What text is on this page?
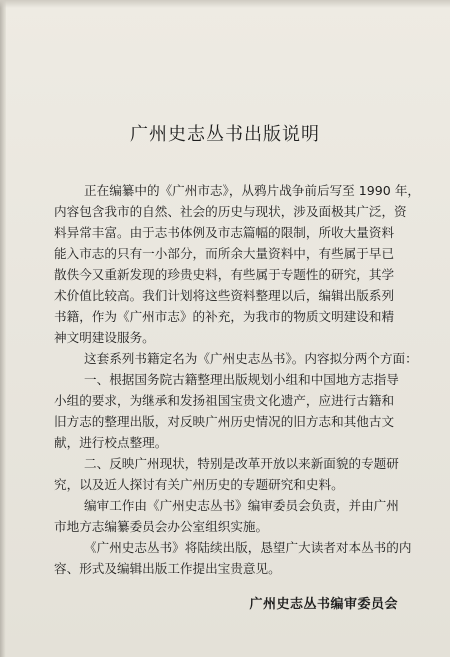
广州史志丛书出版说明
正在编纂中的《广州市志》，从鸦片战争前后写至 1990 年，
内容包含我市的自然、社会的历史与现状，涉及面极其广泛，资
料异常丰富。由于志书体例及市志篇幅的限制，所收大量资料
能入市志的只有一小部分，而所余大量资料中，有些属于早已
散佚今又重新发现的珍贵史料，有些属于专题性的研究，其学
术价值比较高。我们计划将这些资料整理以后，编辑出版系列
书籍，作为《广州市志》的补充，为我市的物质文明建设和精
神文明建设服务。
这套系列书籍定名为《广州史志丛书》。内容拟分两个方面：
一、根据国务院古籍整理出版规划小组和中国地方志指导
小组的要求，为继承和发扬祖国宝贵文化遗产，应进行古籍和
旧方志的整理出版，对反映广州历史情况的旧方志和其他古文
献，进行校点整理。
二、反映广州现状，特别是改革开放以来新面貌的专题研
究，以及近人探讨有关广州历史的专题研究和史料。
编审工作由《广州史志丛书》编审委员会负责，并由广州
市地方志编纂委员会办公室组织实施。
《广州史志丛书》将陆续出版，恳望广大读者对本丛书的内
容、形式及编辑出版工作提出宝贵意见。
广州史志丛书编审委员会
